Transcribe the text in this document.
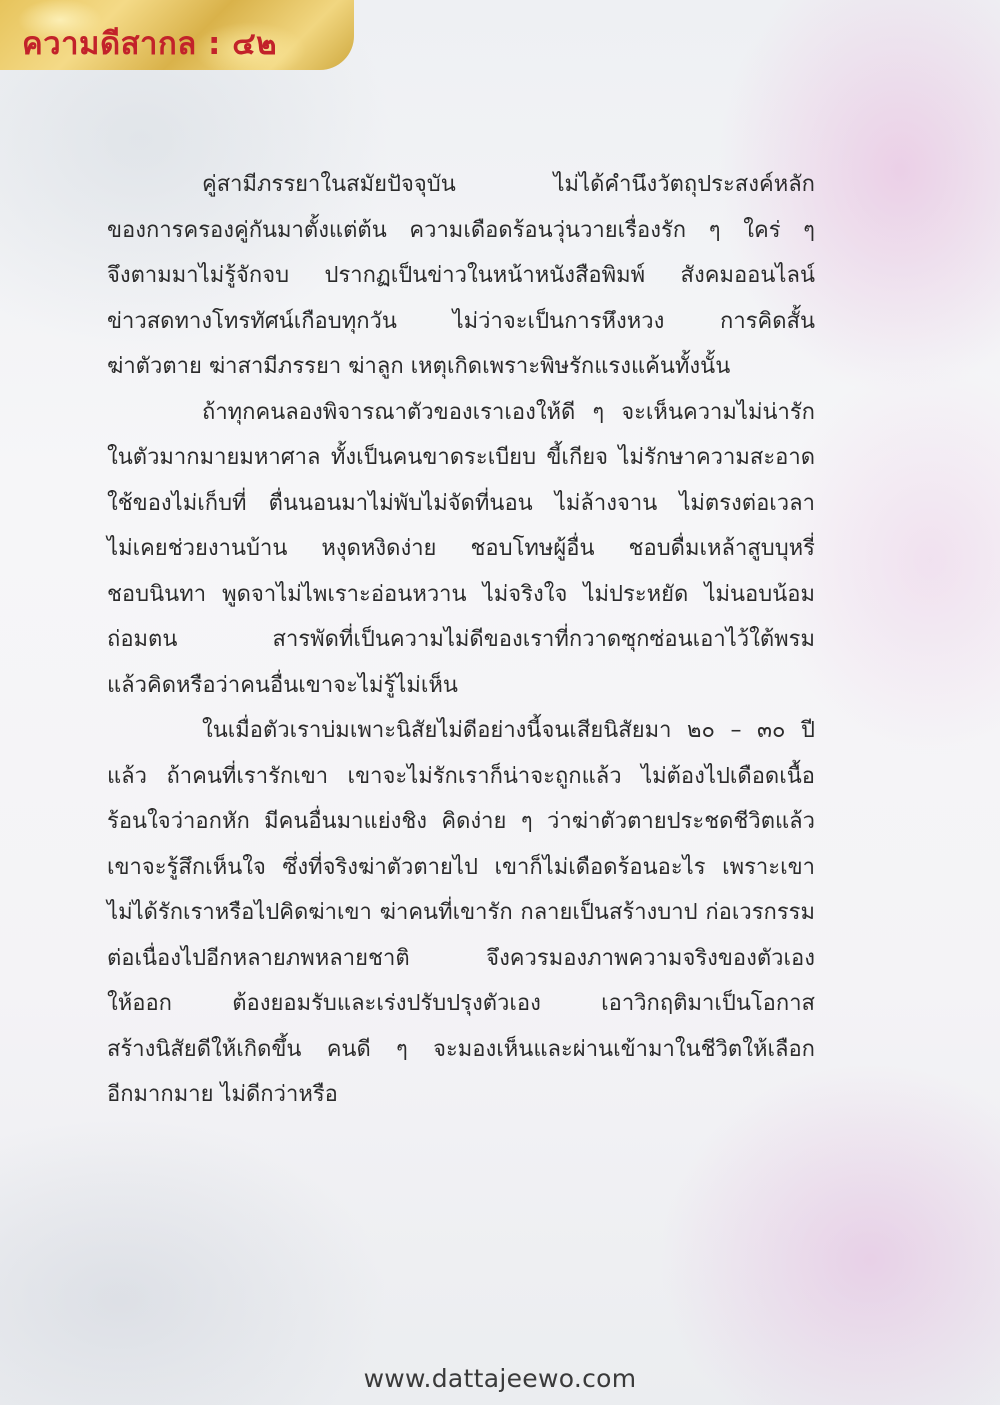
ความดีสากล : ๔๒

คู่สามีภรรยาในสมัยปัจจุบัน ไม่ได้คำนึงวัตถุประสงค์หลัก
ของการครองคู่กันมาตั้งแต่ต้น ความเดือดร้อนวุ่นวายเรื่องรัก ๆ ใคร่ ๆ
จึงตามมาไม่รู้จักจบ ปรากฏเป็นข่าวในหน้าหนังสือพิมพ์ สังคมออนไลน์
ข่าวสดทางโทรทัศน์เกือบทุกวัน ไม่ว่าจะเป็นการหึงหวง การคิดสั้น
ฆ่าตัวตาย ฆ่าสามีภรรยา ฆ่าลูก เหตุเกิดเพราะพิษรักแรงแค้นทั้งนั้น

ถ้าทุกคนลองพิจารณาตัวของเราเองให้ดี ๆ จะเห็นความไม่น่ารัก
ในตัวมากมายมหาศาล ทั้งเป็นคนขาดระเบียบ ขี้เกียจ ไม่รักษาความสะอาด
ใช้ของไม่เก็บที่ ตื่นนอนมาไม่พับไม่จัดที่นอน ไม่ล้างจาน ไม่ตรงต่อเวลา
ไม่เคยช่วยงานบ้าน หงุดหงิดง่าย ชอบโทษผู้อื่น ชอบดื่มเหล้าสูบบุหรี่
ชอบนินทา พูดจาไม่ไพเราะอ่อนหวาน ไม่จริงใจ ไม่ประหยัด ไม่นอบน้อม
ถ่อมตน สารพัดที่เป็นความไม่ดีของเราที่กวาดซุกซ่อนเอาไว้ใต้พรม
แล้วคิดหรือว่าคนอื่นเขาจะไม่รู้ไม่เห็น

ในเมื่อตัวเราบ่มเพาะนิสัยไม่ดีอย่างนี้จนเสียนิสัยมา ๒๐ – ๓๐ ปี
แล้ว ถ้าคนที่เรารักเขา เขาจะไม่รักเราก็น่าจะถูกแล้ว ไม่ต้องไปเดือดเนื้อ
ร้อนใจว่าอกหัก มีคนอื่นมาแย่งชิง คิดง่าย ๆ ว่าฆ่าตัวตายประชดชีวิตแล้ว
เขาจะรู้สึกเห็นใจ ซึ่งที่จริงฆ่าตัวตายไป เขาก็ไม่เดือดร้อนอะไร เพราะเขา
ไม่ได้รักเราหรือไปคิดฆ่าเขา ฆ่าคนที่เขารัก กลายเป็นสร้างบาป ก่อเวรกรรม
ต่อเนื่องไปอีกหลายภพหลายชาติ จึงควรมองภาพความจริงของตัวเอง
ให้ออก ต้องยอมรับและเร่งปรับปรุงตัวเอง เอาวิกฤติมาเป็นโอกาส
สร้างนิสัยดีให้เกิดขึ้น คนดี ๆ จะมองเห็นและผ่านเข้ามาในชีวิตให้เลือก
อีกมากมาย ไม่ดีกว่าหรือ

www.dattajeewo.com
